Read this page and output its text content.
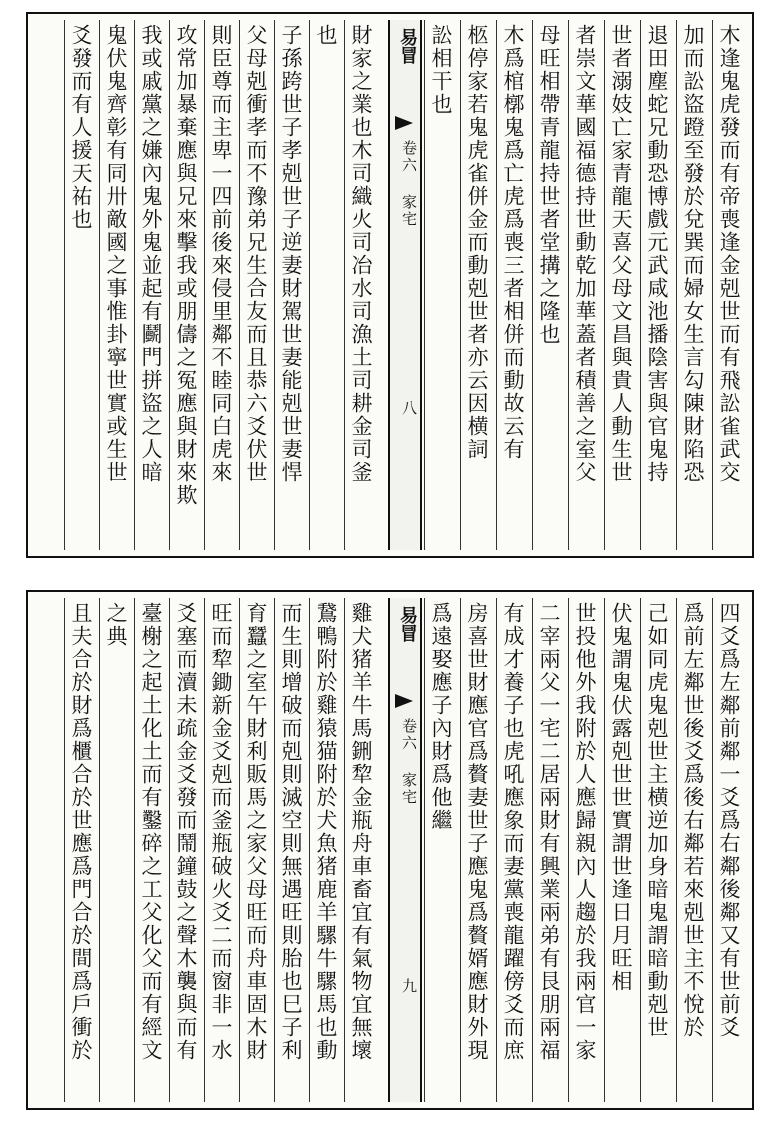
易冒
卷六 家宅
八	木逢鬼虎發而有帝喪逢金剋世而有飛訟雀武交
加而訟盜蹬至發於兌巽而婦女生言勾陳財陷恐
退田塵蛇兄動恐博戲元武咸池播陰害與官鬼持
世者溺妓亡家青龍天喜父母文昌與貴人動生世
者崇文華國福德持世動乾加華蓋者積善之室父
母旺相帶青龍持世者堂搆之隆也
木爲棺槨鬼爲亡虎爲喪三者相併而動故云有
柩停家若鬼虎雀併金而動剋世者亦云因横詞
訟相干也
財家之業也木司織火司冶水司漁土司耕金司釜
也
子孫跨世子孝剋世子逆妻財駕世妻能剋世妻悍
父母剋衝孝而不豫弟兄生合友而且恭六爻伏世
則臣尊而主卑一四前後來侵里鄰不睦同白虎來
攻常加暴棄應與兄來擊我或朋儔之冤應與財來欺
我或戚黨之嫌內鬼外鬼並起有鬬門拼盜之人暗
鬼伏鬼齊彰有同卅敵國之事惟卦寧世實或生世
爻發而有人援天祐也
易冒
卷六 家宅
九	四爻爲左鄰前鄰一爻爲右鄰後鄰又有世前爻
爲前左鄰世後爻爲後右鄰若來剋世主不悅於
己如同虎鬼剋世主横逆加身暗鬼謂暗動剋世
伏鬼謂鬼伏露剋世世實謂世逢日月旺相
世投他外我附於人應歸親內人趨於我兩官一家
二宰兩父一宅二居兩財有興業兩弟有艮朋兩福
有成才養子也虎吼應象而妻黨喪龍躍傍爻而庶
房喜世財應官爲贅妻世子應鬼爲贅婿應財外現
爲遠娶應子內財爲他繼
雞犬猪羊牛馬鉶犂金瓶舟車畜宜有氣物宜無壞
鵞鴨附於雞猿猫附於犬魚猪鹿羊騾牛騾馬也動
而生則增破而剋則滅空則無遇旺則胎也巳子利
育蠶之室午財利販馬之家父母旺而舟車固木財
旺而犂鋤新金爻剋而釜瓶破火爻二而窗非一水
爻塞而瀆未疏金爻發而鬧鐘鼓之聲木襲與而有
臺榭之起土化土而有鑿碎之工父化父而有經文
之典
且夫合於財爲櫃合於世應爲門合於間爲戶衝於
